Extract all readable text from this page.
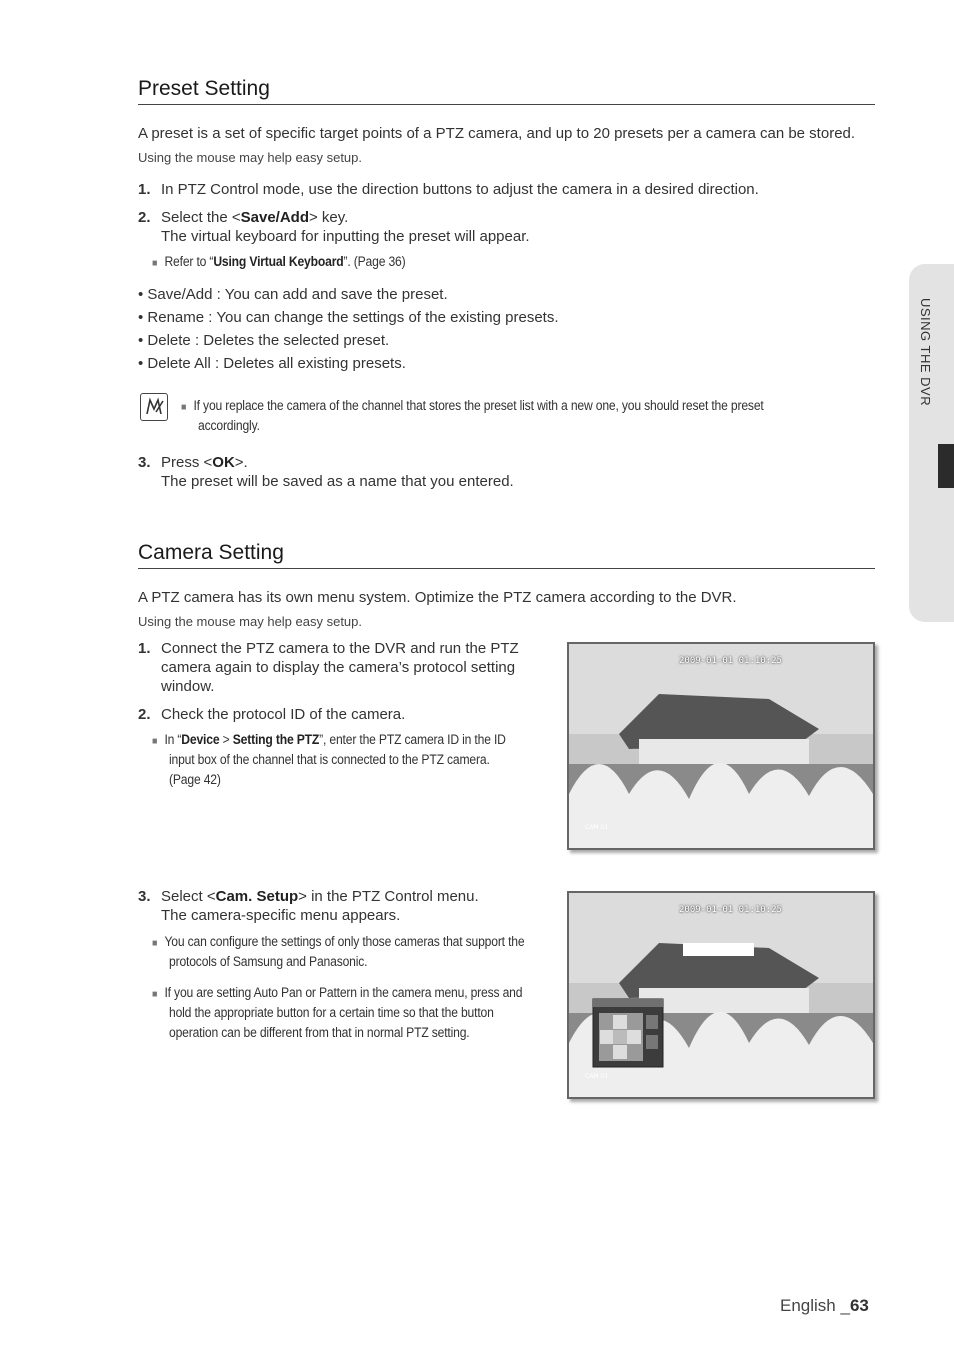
USING THE DVR
Preset Setting
A preset is a set of specific target points of a PTZ camera, and up to 20 presets per a camera can be stored.
Using the mouse may help easy setup.
1. In PTZ Control mode, use the direction buttons to adjust the camera in a desired direction.
2. Select the <Save/Add> key.
The virtual keyboard for inputting the preset will appear.
■ Refer to “Using Virtual Keyboard”. (Page 36)
• Save/Add : You can add and save the preset.
• Rename : You can change the settings of the existing presets.
• Delete : Deletes the selected preset.
• Delete All : Deletes all existing presets.
■ If you replace the camera of the channel that stores the preset list with a new one, you should reset the preset
accordingly.
3. Press <OK>.
The preset will be saved as a name that you entered.
Camera Setting
A PTZ camera has its own menu system. Optimize the PTZ camera according to the DVR.
Using the mouse may help easy setup.
1. Connect the PTZ camera to the DVR and run the PTZ
camera again to display the camera’s protocol setting
window.
2. Check the protocol ID of the camera.
■ In “Device > Setting the PTZ”, enter the PTZ camera ID in the ID
input box of the channel that is connected to the PTZ camera.
(Page 42)
2009-01-01 01:10:25
CAM 01
3. Select <Cam. Setup> in the PTZ Control menu.
The camera-specific menu appears.
■ You can configure the settings of only those cameras that support the
protocols of Samsung and Panasonic.
■ If you are setting Auto Pan or Pattern in the camera menu, press and
hold the appropriate button for a certain time so that the button
operation can be different from that in normal PTZ setting.
2009-01-01 01:10:25
CAM 01
English _63
